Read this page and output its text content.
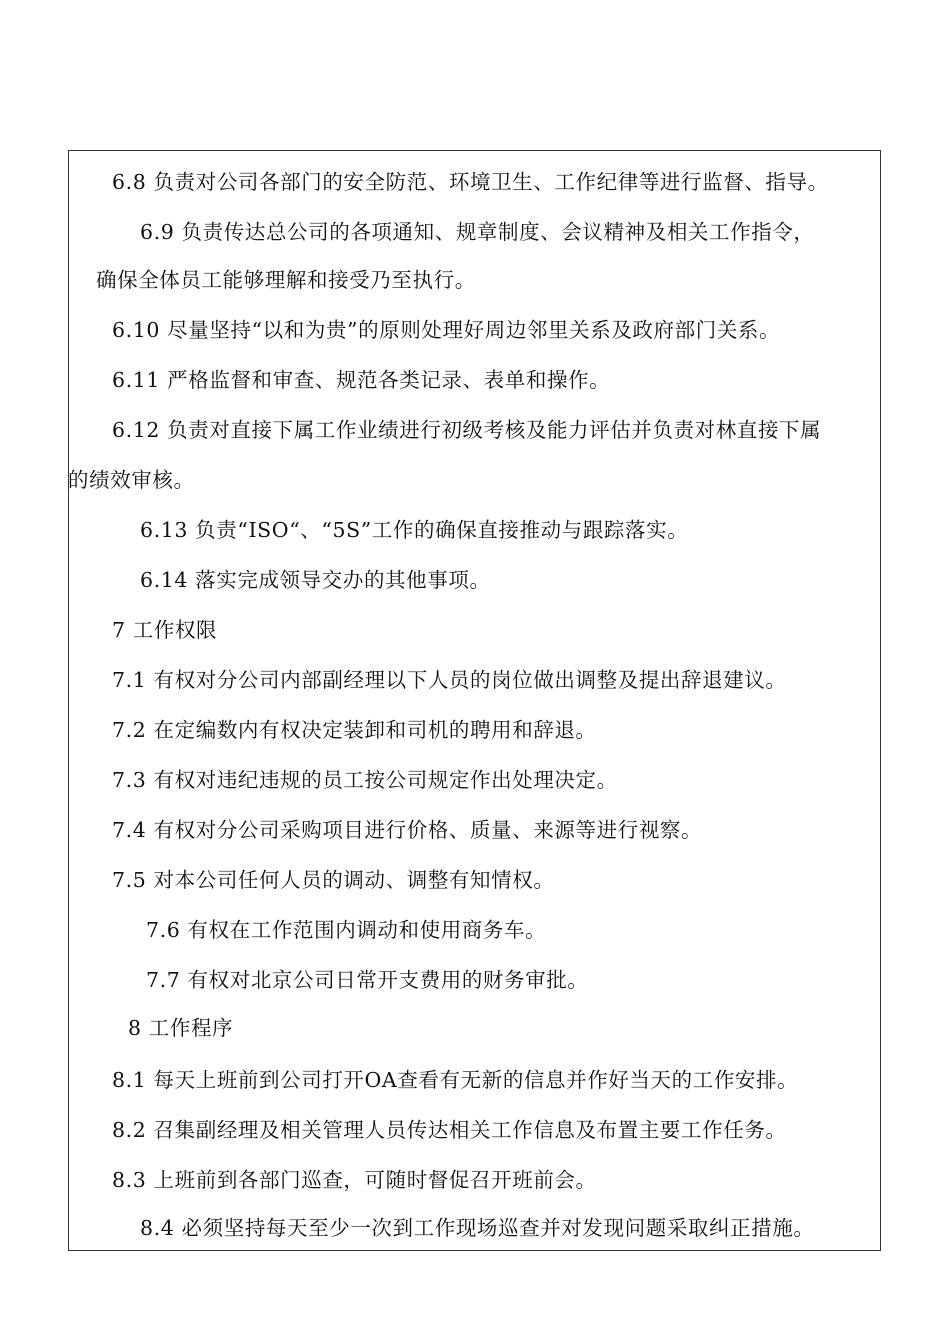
6.8 负责对公司各部门的安全防范、环境卫生、工作纪律等进行监督、指导。
6.9 负责传达总公司的各项通知、规章制度、会议精神及相关工作指令，
确保全体员工能够理解和接受乃至执行。
6.10 尽量坚持“以和为贵”的原则处理好周边邻里关系及政府部门关系。
6.11 严格监督和审查、规范各类记录、表单和操作。
6.12 负责对直接下属工作业绩进行初级考核及能力评估并负责对林直接下属
的绩效审核。
6.13 负责“ISO“、“5S”工作的确保直接推动与跟踪落实。
6.14 落实完成领导交办的其他事项。
7 工作权限
7.1 有权对分公司内部副经理以下人员的岗位做出调整及提出辞退建议。
7.2 在定编数内有权决定装卸和司机的聘用和辞退。
7.3 有权对违纪违规的员工按公司规定作出处理决定。
7.4 有权对分公司采购项目进行价格、质量、来源等进行视察。
7.5 对本公司任何人员的调动、调整有知情权。
7.6 有权在工作范围内调动和使用商务车。
7.7 有权对北京公司日常开支费用的财务审批。
8 工作程序
8.1 每天上班前到公司打开OA查看有无新的信息并作好当天的工作安排。
8.2 召集副经理及相关管理人员传达相关工作信息及布置主要工作任务。
8.3 上班前到各部门巡查，可随时督促召开班前会。
8.4 必须坚持每天至少一次到工作现场巡查并对发现问题采取纠正措施。
